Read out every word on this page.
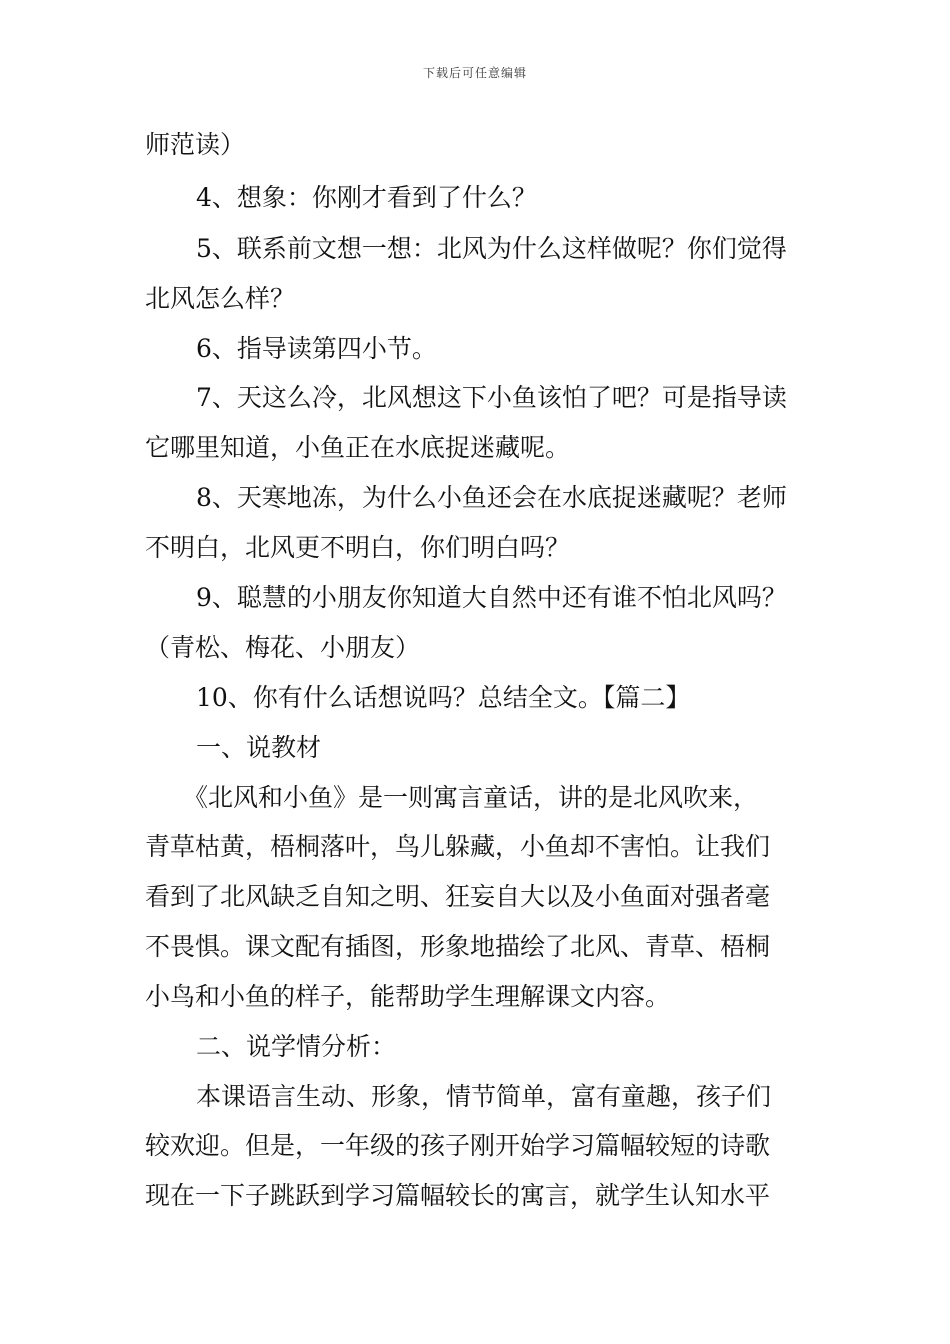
下载后可任意编辑
师范读）
4、想象：你刚才看到了什么？
5、联系前文想一想：北风为什么这样做呢？你们觉得
北风怎么样？
6、指导读第四小节。
7、天这么冷，北风想这下小鱼该怕了吧？可是指导读
它哪里知道，小鱼正在水底捉迷藏呢。
8、天寒地冻，为什么小鱼还会在水底捉迷藏呢？老师
不明白，北风更不明白，你们明白吗？
9、聪慧的小朋友你知道大自然中还有谁不怕北风吗？
（青松、梅花、小朋友）
10、你有什么话想说吗？总结全文。【篇二】
一、说教材
《北风和小鱼》是一则寓言童话，讲的是北风吹来，
青草枯黄，梧桐落叶，鸟儿躲藏，小鱼却不害怕。让我们
看到了北风缺乏自知之明、狂妄自大以及小鱼面对强者毫
不畏惧。课文配有插图，形象地描绘了北风、青草、梧桐
小鸟和小鱼的样子，能帮助学生理解课文内容。
二、说学情分析：
本课语言生动、形象，情节简单，富有童趣，孩子们
较欢迎。但是，一年级的孩子刚开始学习篇幅较短的诗歌
现在一下子跳跃到学习篇幅较长的寓言，就学生认知水平
